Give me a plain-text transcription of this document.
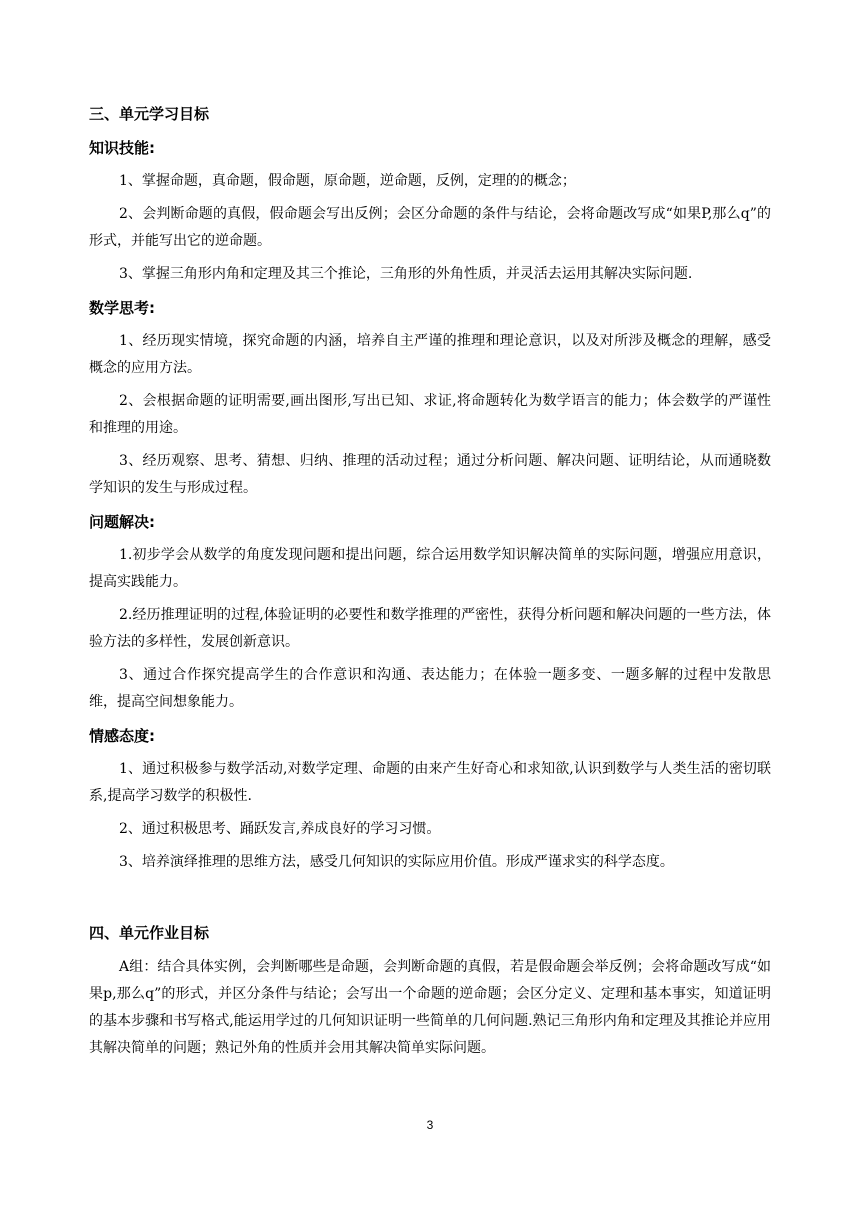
三、单元学习目标
知识技能:

1、掌握命题，真命题，假命题，原命题，逆命题，反例，定理的的概念；

2、会判断命题的真假，假命题会写出反例；会区分命题的条件与结论，会将命题改写成“如果P,那么q”的形式，并能写出它的逆命题。

3、掌握三角形内角和定理及其三个推论，三角形的外角性质，并灵活去运用其解决实际问题.

数学思考:

1、经历现实情境，探究命题的内涵，培养自主严谨的推理和理论意识，以及对所涉及概念的理解，感受概念的应用方法。

2、会根据命题的证明需要,画出图形,写出已知、求证,将命题转化为数学语言的能力；体会数学的严谨性和推理的用途。

3、经历观察、思考、猜想、归纳、推理的活动过程；通过分析问题、解决问题、证明结论，从而通晓数学知识的发生与形成过程。

问题解决:

1.初步学会从数学的角度发现问题和提出问题，综合运用数学知识解决简单的实际问题，增强应用意识，提高实践能力。

2.经历推理证明的过程,体验证明的必要性和数学推理的严密性，获得分析问题和解决问题的一些方法，体验方法的多样性，发展创新意识。

3、通过合作探究提高学生的合作意识和沟通、表达能力；在体验一题多变、一题多解的过程中发散思维，提高空间想象能力。

情感态度:

1、通过积极参与数学活动,对数学定理、命题的由来产生好奇心和求知欲,认识到数学与人类生活的密切联系,提高学习数学的积极性.

2、通过积极思考、踊跃发言,养成良好的学习习惯。

3、培养演绎推理的思维方法，感受几何知识的实际应用价值。形成严谨求实的科学态度。

四、单元作业目标

A组：结合具体实例，会判断哪些是命题，会判断命题的真假，若是假命题会举反例；会将命题改写成“如果p,那么q”的形式，并区分条件与结论；会写出一个命题的逆命题；会区分定义、定理和基本事实，知道证明的基本步骤和书写格式,能运用学过的几何知识证明一些简单的几何问题.熟记三角形内角和定理及其推论并应用其解决简单的问题；熟记外角的性质并会用其解决简单实际问题。

3
